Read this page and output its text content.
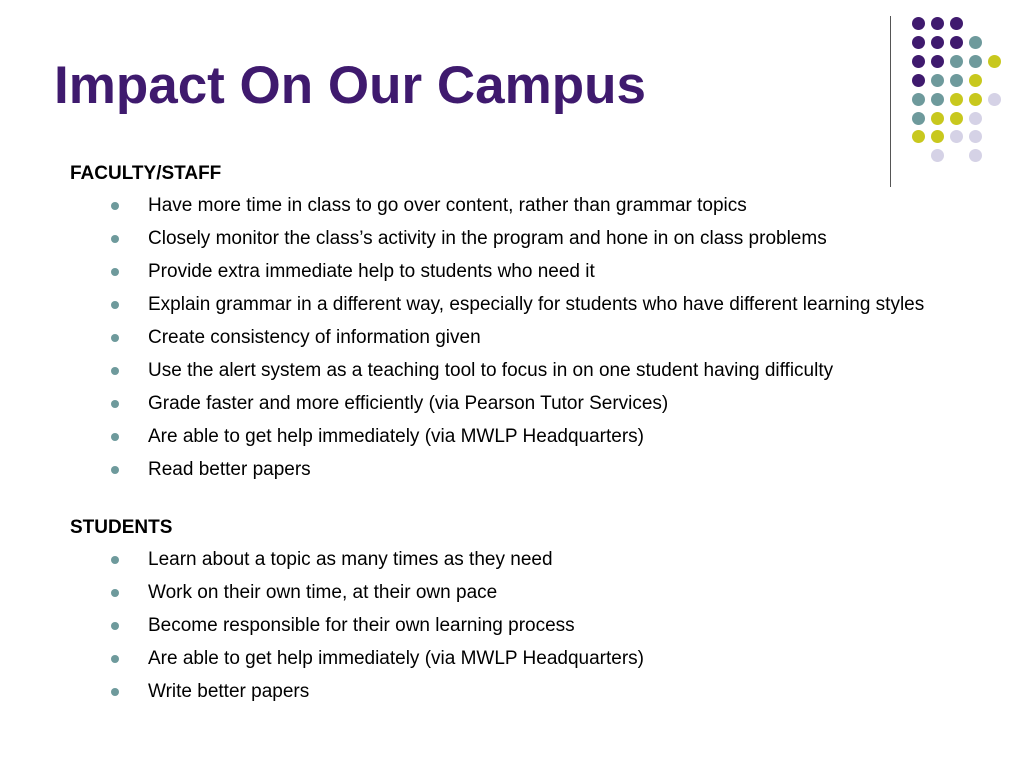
Impact On Our Campus

FACULTY/STAFF

Have more time in class to go over content, rather than grammar topics
Closely monitor the class’s activity in the program and hone in on class problems
Provide extra immediate help to students who need it
Explain grammar in a different way, especially for students who have different learning styles
Create consistency of information given
Use the alert system as a teaching tool to focus in on one student having difficulty
Grade faster and more efficiently (via Pearson Tutor Services)
Are able to get help immediately (via MWLP Headquarters)
Read better papers

STUDENTS

Learn about a topic as many times as they need
Work on their own time, at their own pace
Become responsible for their own learning process
Are able to get help immediately (via MWLP Headquarters)
Write better papers
